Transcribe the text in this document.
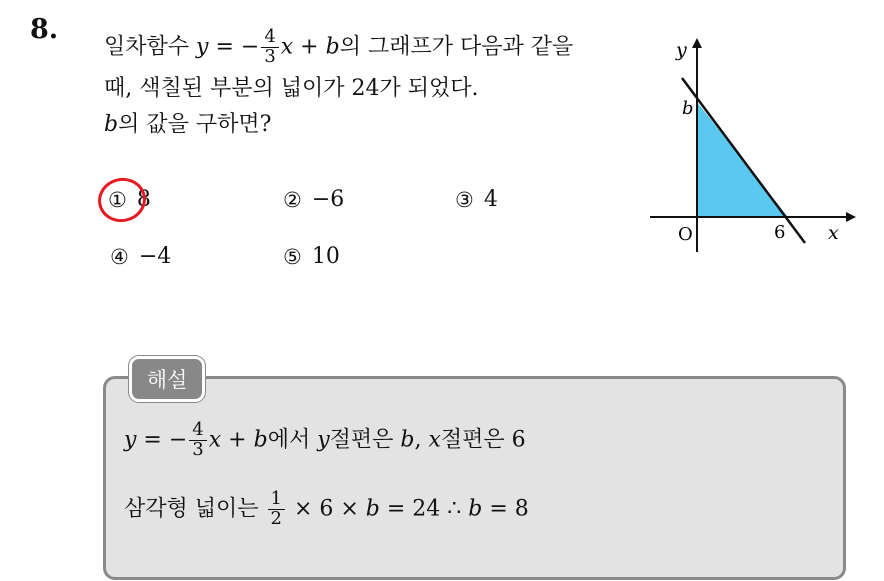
8.
일차함수 y = − $\frac{4}{3}$ x + b의 그래프가 다음과 같을
때, 색칠된 부분의 넓이가 24가 되었다.
b의 값을 구하면?
① 8	② −6	③ 4
④ −4	⑤ 10
y
x
O
b
6
해설
y = − $\frac{4}{3}$ x + b에서 y절편은 b, x절편은 6
삼각형 넓이는 $\frac{1}{2} \times 6 \times b = 24$ ∴ b = 8
